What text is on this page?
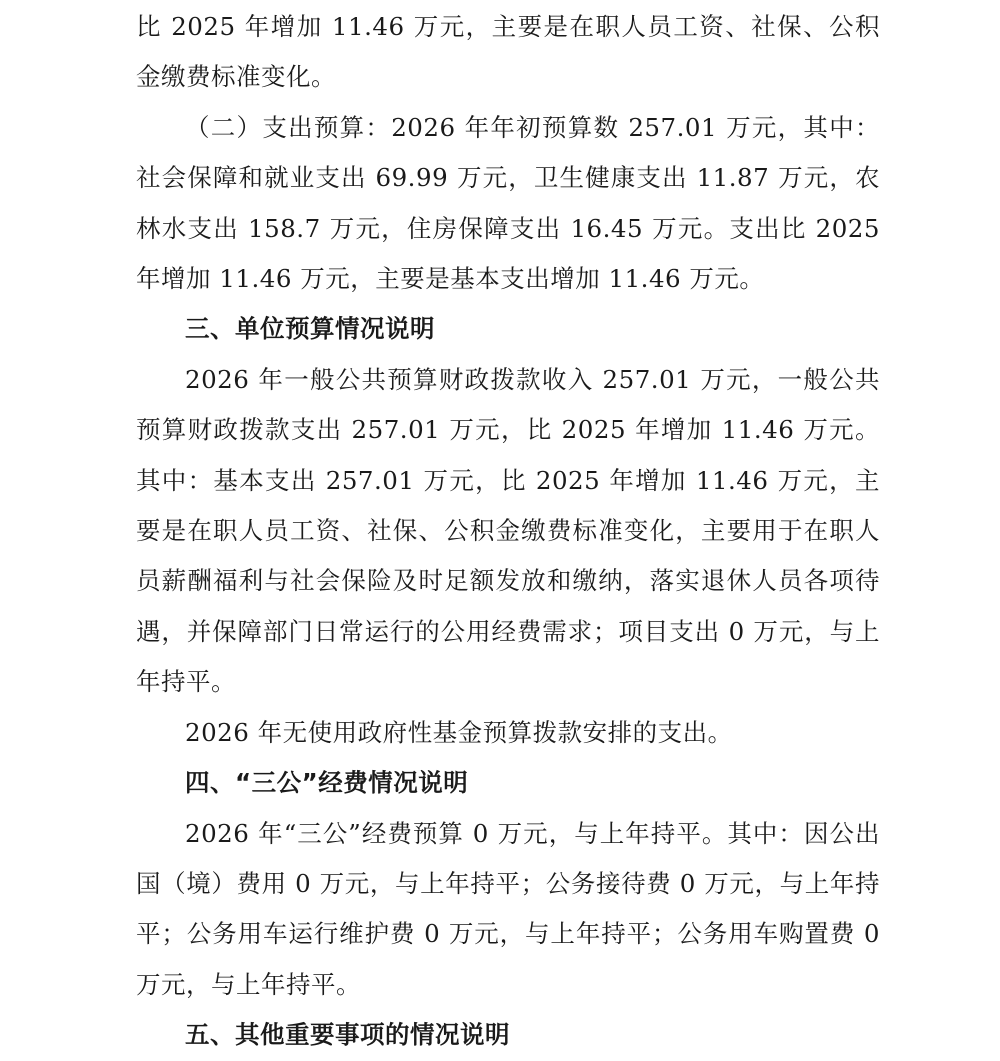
比 2025 年增加 11.46 万元，主要是在职人员工资、社保、公积金缴费标准变化。

（二）支出预算：2026 年年初预算数 257.01 万元，其中：社会保障和就业支出 69.99 万元，卫生健康支出 11.87 万元，农林水支出 158.7 万元，住房保障支出 16.45 万元。支出比 2025 年增加 11.46 万元，主要是基本支出增加 11.46 万元。

三、单位预算情况说明

2026 年一般公共预算财政拨款收入 257.01 万元，一般公共预算财政拨款支出 257.01 万元，比 2025 年增加 11.46 万元。其中：基本支出 257.01 万元，比 2025 年增加 11.46 万元，主要是在职人员工资、社保、公积金缴费标准变化，主要用于在职人员薪酬福利与社会保险及时足额发放和缴纳，落实退休人员各项待遇，并保障部门日常运行的公用经费需求；项目支出 0 万元，与上年持平。

2026 年无使用政府性基金预算拨款安排的支出。

四、“三公”经费情况说明

2026 年“三公”经费预算 0 万元，与上年持平。其中：因公出国（境）费用 0 万元，与上年持平；公务接待费 0 万元，与上年持平；公务用车运行维护费 0 万元，与上年持平；公务用车购置费 0 万元，与上年持平。

五、其他重要事项的情况说明
